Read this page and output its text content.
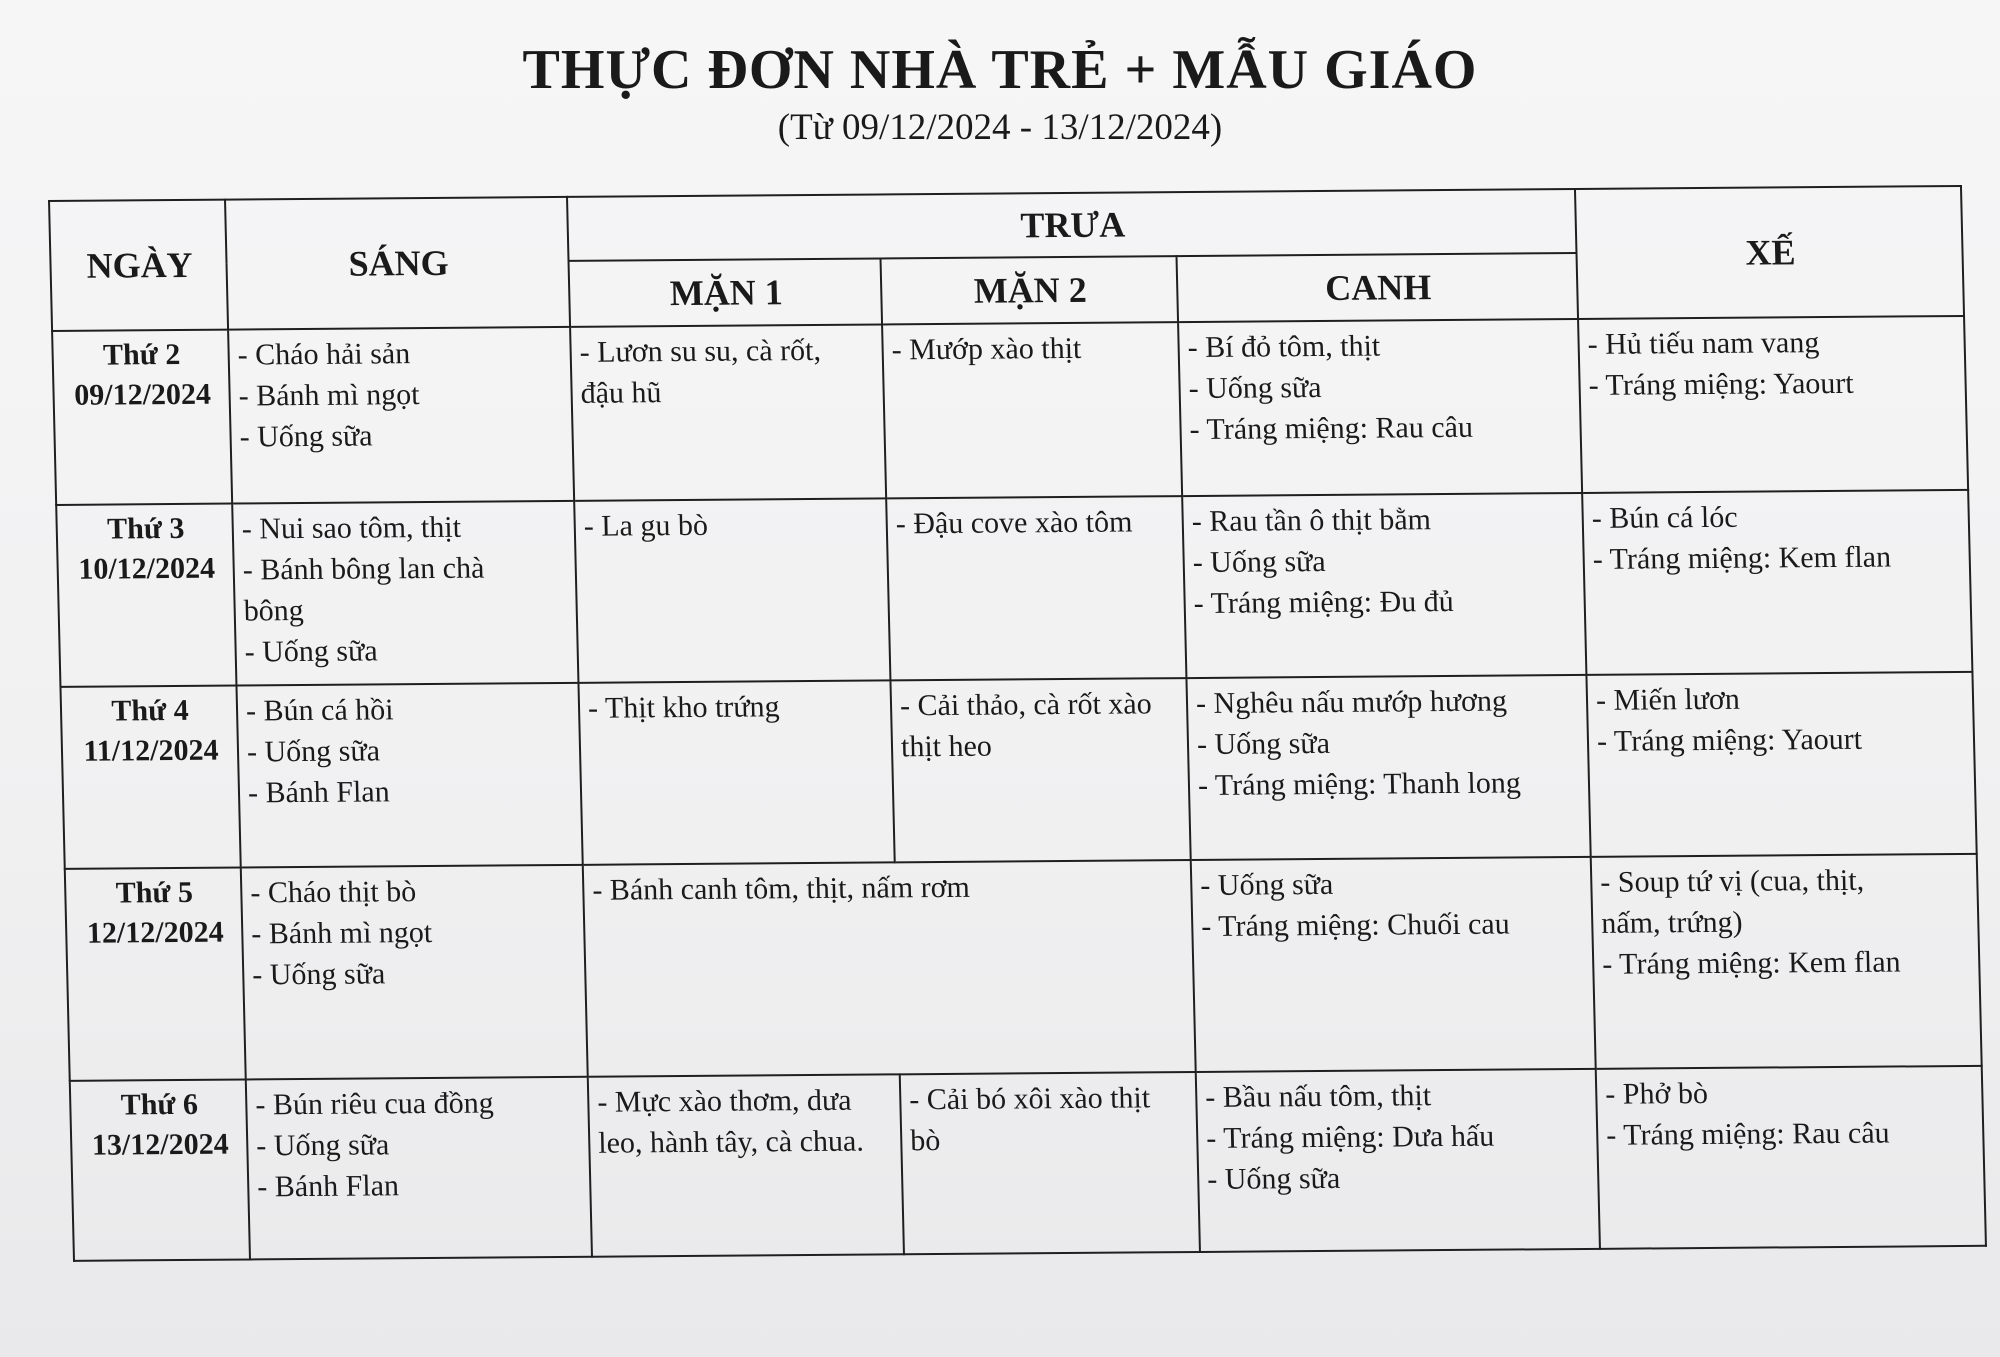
THỰC ĐƠN NHÀ TRẺ + MẪU GIÁO
(Từ 09/12/2024 - 13/12/2024)
NGÀY	SÁNG	TRƯA			XẾ
		MẶN 1	MẶN 2	CANH	

Thứ 2
09/12/2024	- Cháo hải sản
- Bánh mì ngọt
- Uống sữa	- Lươn su su, cà rốt,
đậu hũ	- Mướp xào thịt	- Bí đỏ tôm, thịt
- Uống sữa
- Tráng miệng: Rau câu	- Hủ tiếu nam vang
- Tráng miệng: Yaourt

Thứ 3
10/12/2024	- Nui sao tôm, thịt
- Bánh bông lan chà
bông
- Uống sữa	- La gu bò	- Đậu cove xào tôm	- Rau tần ô thịt bằm
- Uống sữa
- Tráng miệng: Đu đủ	- Bún cá lóc
- Tráng miệng: Kem flan

Thứ 4
11/12/2024	- Bún cá hồi
- Uống sữa
- Bánh Flan	- Thịt kho trứng	- Cải thảo, cà rốt xào
thịt heo	- Nghêu nấu mướp hương
- Uống sữa
- Tráng miệng: Thanh long	- Miến lươn
- Tráng miệng: Yaourt

Thứ 5
12/12/2024	- Cháo thịt bò
- Bánh mì ngọt
- Uống sữa	- Bánh canh tôm, thịt, nấm rơm		- Uống sữa
- Tráng miệng: Chuối cau	- Soup tứ vị (cua, thịt,
nấm, trứng)
- Tráng miệng: Kem flan

Thứ 6
13/12/2024	- Bún riêu cua đồng
- Uống sữa
- Bánh Flan	- Mực xào thơm, dưa
leo, hành tây, cà chua.	- Cải bó xôi xào thịt
bò	- Bầu nấu tôm, thịt
- Tráng miệng: Dưa hấu
- Uống sữa	- Phở bò
- Tráng miệng: Rau câu
